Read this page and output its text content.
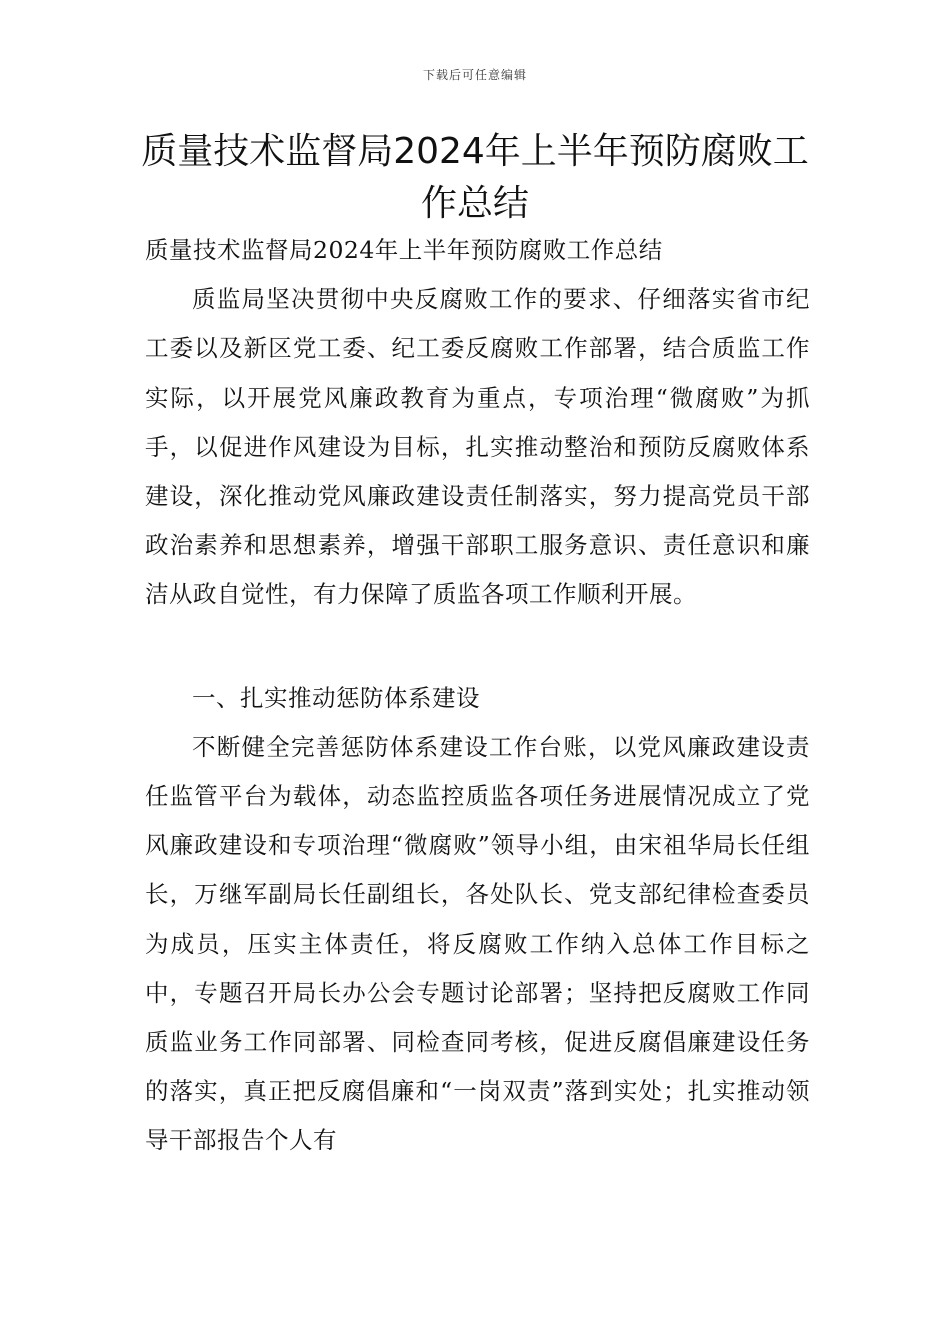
下载后可任意编辑
质量技术监督局2024年上半年预防腐败工作总结

质量技术监督局2024年上半年预防腐败工作总结

质监局坚决贯彻中央反腐败工作的要求、仔细落实省市纪工委以及新区党工委、纪工委反腐败工作部署，结合质监工作实际，以开展党风廉政教育为重点，专项治理“微腐败”为抓手，以促进作风建设为目标，扎实推动整治和预防反腐败体系建设，深化推动党风廉政建设责任制落实，努力提高党员干部政治素养和思想素养，增强干部职工服务意识、责任意识和廉洁从政自觉性，有力保障了质监各项工作顺利开展。

一、扎实推动惩防体系建设

不断健全完善惩防体系建设工作台账，以党风廉政建设责任监管平台为载体，动态监控质监各项任务进展情况成立了党风廉政建设和专项治理“微腐败”领导小组，由宋祖华局长任组长，万继军副局长任副组长，各处队长、党支部纪律检查委员为成员，压实主体责任，将反腐败工作纳入总体工作目标之中，专题召开局长办公会专题讨论部署；坚持把反腐败工作同质监业务工作同部署、同检查同考核，促进反腐倡廉建设任务的落实，真正把反腐倡廉和“一岗双责”落到实处；扎实推动领导干部报告个人有
